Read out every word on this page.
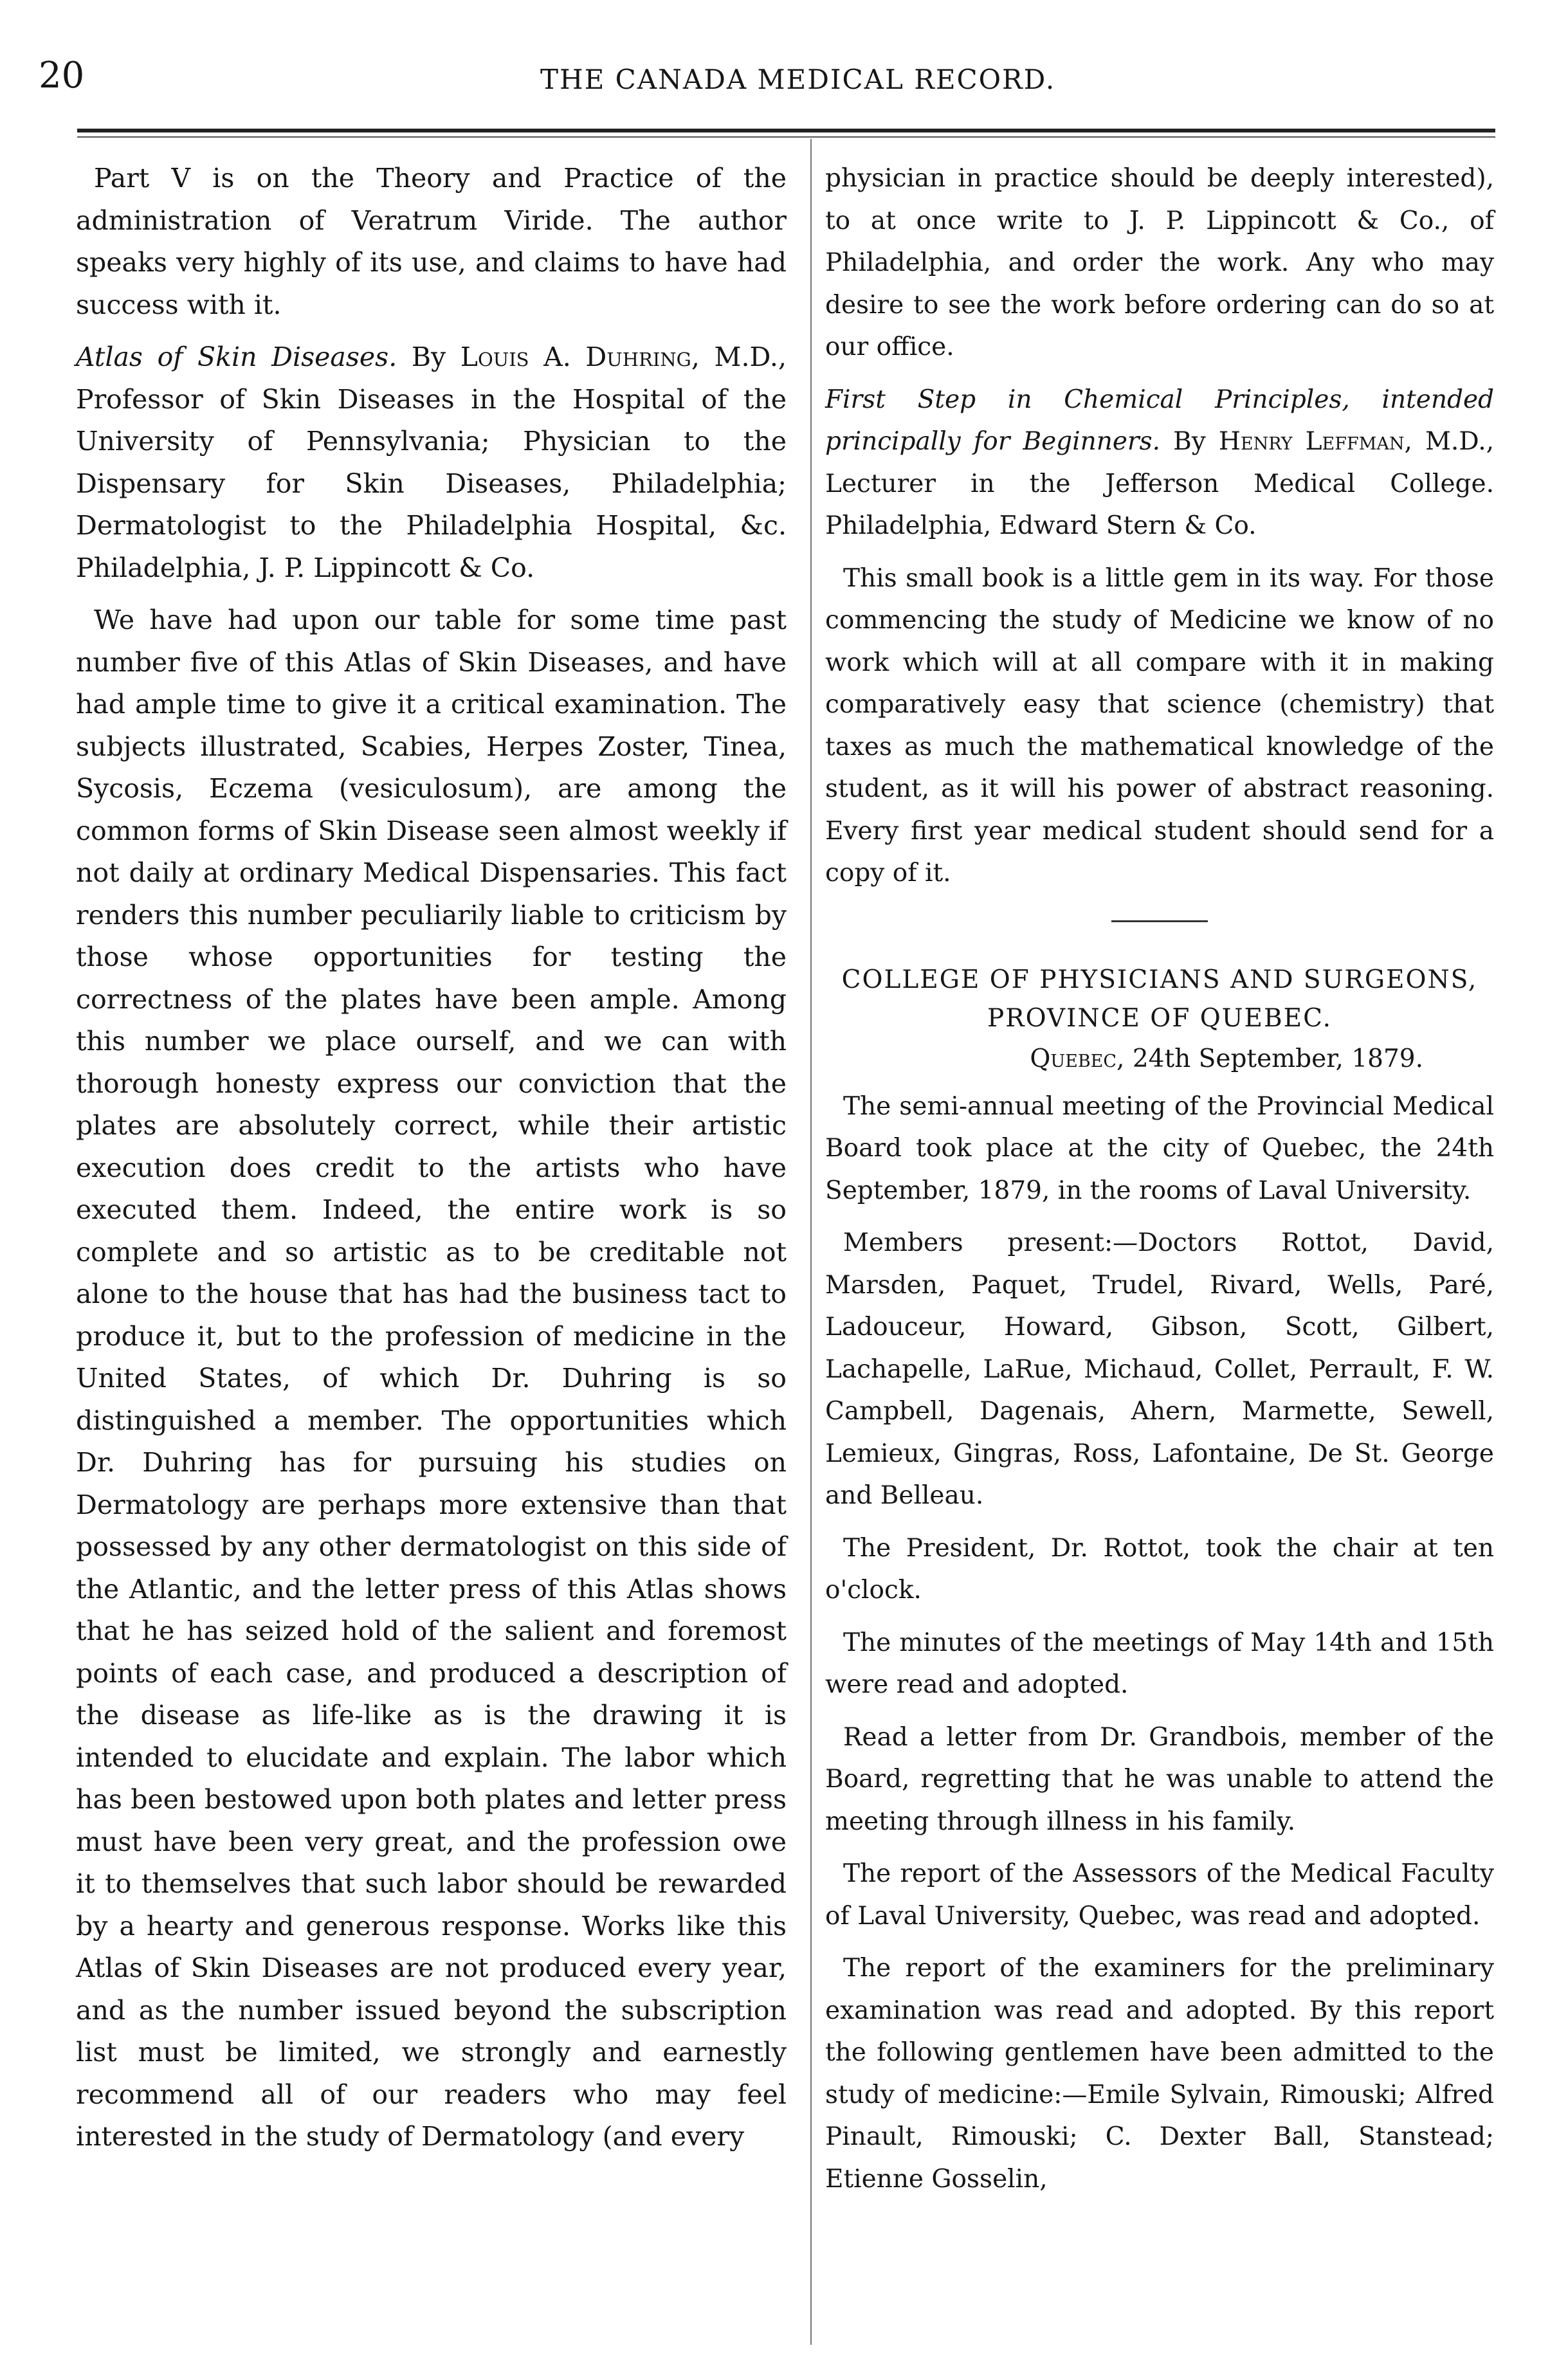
20	THE CANADA MEDICAL RECORD.

Part V is on the Theory and Practice of the administration of Veratrum Viride. The author speaks very highly of its use, and claims to have had success with it.

Atlas of Skin Diseases. By Louis A. Duhring, M.D., Professor of Skin Diseases in the Hospital of the University of Pennsylvania; Physician to the Dispensary for Skin Diseases, Philadelphia; Dermatologist to the Philadelphia Hospital, &c. Philadelphia, J. P. Lippincott & Co.

We have had upon our table for some time past number five of this Atlas of Skin Diseases, and have had ample time to give it a critical examination. The subjects illustrated, Scabies, Herpes Zoster, Tinea, Sycosis, Eczema (vesiculosum), are among the common forms of Skin Disease seen almost weekly if not daily at ordinary Medical Dispensaries. This fact renders this number peculiarily liable to criticism by those whose opportunities for testing the correctness of the plates have been ample. Among this number we place ourself, and we can with thorough honesty express our conviction that the plates are absolutely correct, while their artistic execution does credit to the artists who have executed them. Indeed, the entire work is so complete and so artistic as to be creditable not alone to the house that has had the business tact to produce it, but to the profession of medicine in the United States, of which Dr. Duhring is so distinguished a member. The opportunities which Dr. Duhring has for pursuing his studies on Dermatology are perhaps more extensive than that possessed by any other dermatologist on this side of the Atlantic, and the letter press of this Atlas shows that he has seized hold of the salient and foremost points of each case, and produced a description of the disease as life-like as is the drawing it is intended to elucidate and explain. The labor which has been bestowed upon both plates and letter press must have been very great, and the profession owe it to themselves that such labor should be rewarded by a hearty and generous response. Works like this Atlas of Skin Diseases are not produced every year, and as the number issued beyond the subscription list must be limited, we strongly and earnestly recommend all of our readers who may feel interested in the study of Dermatology (and every

physician in practice should be deeply interested), to at once write to J. P. Lippincott & Co., of Philadelphia, and order the work. Any who may desire to see the work before ordering can do so at our office.

First Step in Chemical Principles, intended principally for Beginners. By Henry Leffman, M.D., Lecturer in the Jefferson Medical College. Philadelphia, Edward Stern & Co.

This small book is a little gem in its way. For those commencing the study of Medicine we know of no work which will at all compare with it in making comparatively easy that science (chemistry) that taxes as much the mathematical knowledge of the student, as it will his power of abstract reasoning. Every first year medical student should send for a copy of it.

COLLEGE OF PHYSICIANS AND SURGEONS, PROVINCE OF QUEBEC.

Quebec, 24th September, 1879.

The semi-annual meeting of the Provincial Medical Board took place at the city of Quebec, the 24th September, 1879, in the rooms of Laval University.

Members present:—Doctors Rottot, David, Marsden, Paquet, Trudel, Rivard, Wells, Paré, Ladouceur, Howard, Gibson, Scott, Gilbert, Lachapelle, LaRue, Michaud, Collet, Perrault, F. W. Campbell, Dagenais, Ahern, Marmette, Sewell, Lemieux, Gingras, Ross, Lafontaine, De St. George and Belleau.

The President, Dr. Rottot, took the chair at ten o'clock.

The minutes of the meetings of May 14th and 15th were read and adopted.

Read a letter from Dr. Grandbois, member of the Board, regretting that he was unable to attend the meeting through illness in his family.

The report of the Assessors of the Medical Faculty of Laval University, Quebec, was read and adopted.

The report of the examiners for the preliminary examination was read and adopted. By this report the following gentlemen have been admitted to the study of medicine:—Emile Sylvain, Rimouski; Alfred Pinault, Rimouski; C. Dexter Ball, Stanstead; Etienne Gosselin,
